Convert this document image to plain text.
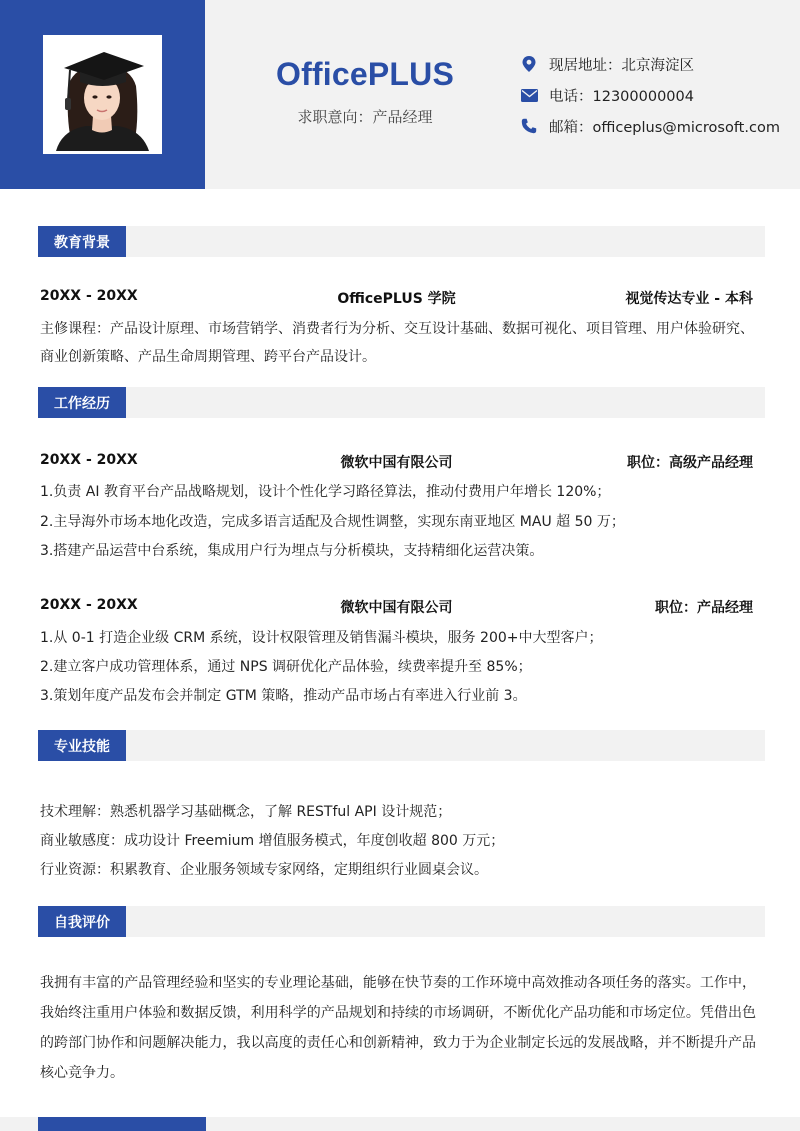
OfficePLUS
求职意向：产品经理
现居地址：北京海淀区
电话：12300000004
邮箱：officeplus@microsoft.com
教育背景
20XX - 20XX	OfficePLUS 学院	视觉传达专业 - 本科
主修课程：产品设计原理、市场营销学、消费者行为分析、交互设计基础、数据可视化、项目管理、用户体验研究、
商业创新策略、产品生命周期管理、跨平台产品设计。
工作经历
20XX - 20XX	微软中国有限公司	职位：高级产品经理
1.负责 AI 教育平台产品战略规划，设计个性化学习路径算法，推动付费用户年增长 120%；
2.主导海外市场本地化改造，完成多语言适配及合规性调整，实现东南亚地区 MAU 超 50 万；
3.搭建产品运营中台系统，集成用户行为埋点与分析模块，支持精细化运营决策。
20XX - 20XX	微软中国有限公司	职位：产品经理
1.从 0-1 打造企业级 CRM 系统，设计权限管理及销售漏斗模块，服务 200+中大型客户；
2.建立客户成功管理体系，通过 NPS 调研优化产品体验，续费率提升至 85%；
3.策划年度产品发布会并制定 GTM 策略，推动产品市场占有率进入行业前 3。
专业技能
技术理解：熟悉机器学习基础概念，了解 RESTful API 设计规范；
商业敏感度：成功设计 Freemium 增值服务模式，年度创收超 800 万元；
行业资源：积累教育、企业服务领域专家网络，定期组织行业圆桌会议。
自我评价
我拥有丰富的产品管理经验和坚实的专业理论基础，能够在快节奏的工作环境中高效推动各项任务的落实。工作中，我始终注重用户体验和数据反馈，利用科学的产品规划和持续的市场调研，不断优化产品功能和市场定位。凭借出色的跨部门协作和问题解决能力，我以高度的责任心和创新精神，致力于为企业制定长远的发展战略，并不断提升产品核心竞争力。
